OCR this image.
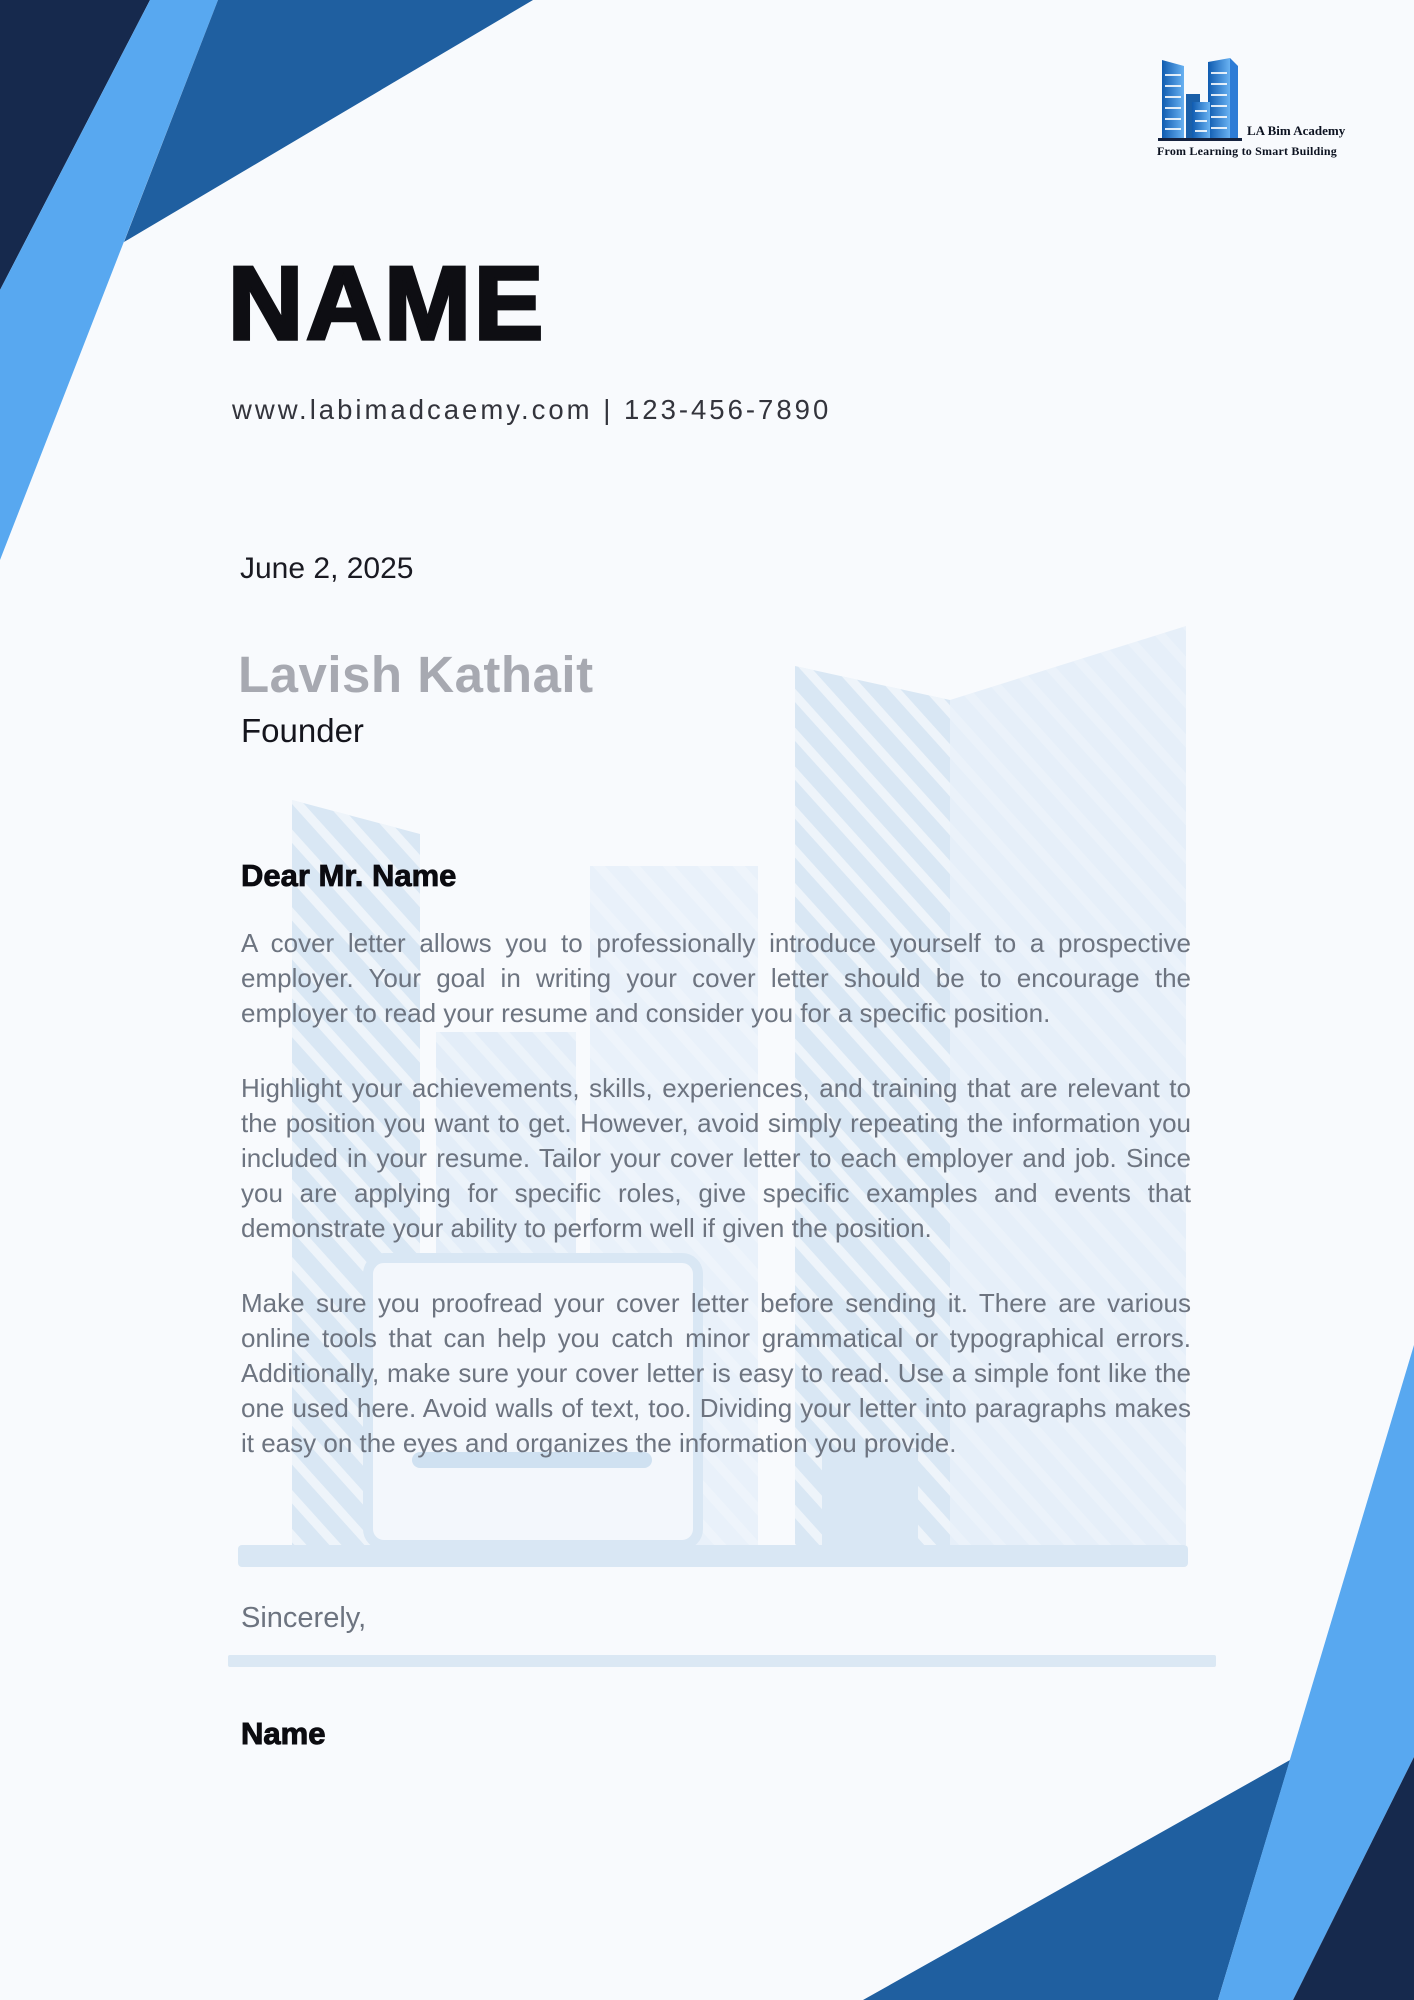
LA Bim Academy
From Learning to Smart Building
NAME
www.labimadcaemy.com | 123-456-7890
June 2, 2025
Lavish Kathait
Founder
Dear Mr. Name

A cover letter allows you to professionally introduce yourself to a prospective employer. Your goal in writing your cover letter should be to encourage the employer to read your resume and consider you for a specific position.

Highlight your achievements, skills, experiences, and training that are relevant to the position you want to get. However, avoid simply repeating the information you included in your resume. Tailor your cover letter to each employer and job. Since you are applying for specific roles, give specific examples and events that demonstrate your ability to perform well if given the position.

Make sure you proofread your cover letter before sending it. There are various online tools that can help you catch minor grammatical or typographical errors. Additionally, make sure your cover letter is easy to read. Use a simple font like the one used here. Avoid walls of text, too. Dividing your letter into paragraphs makes it easy on the eyes and organizes the information you provide.

Sincerely,
Name
